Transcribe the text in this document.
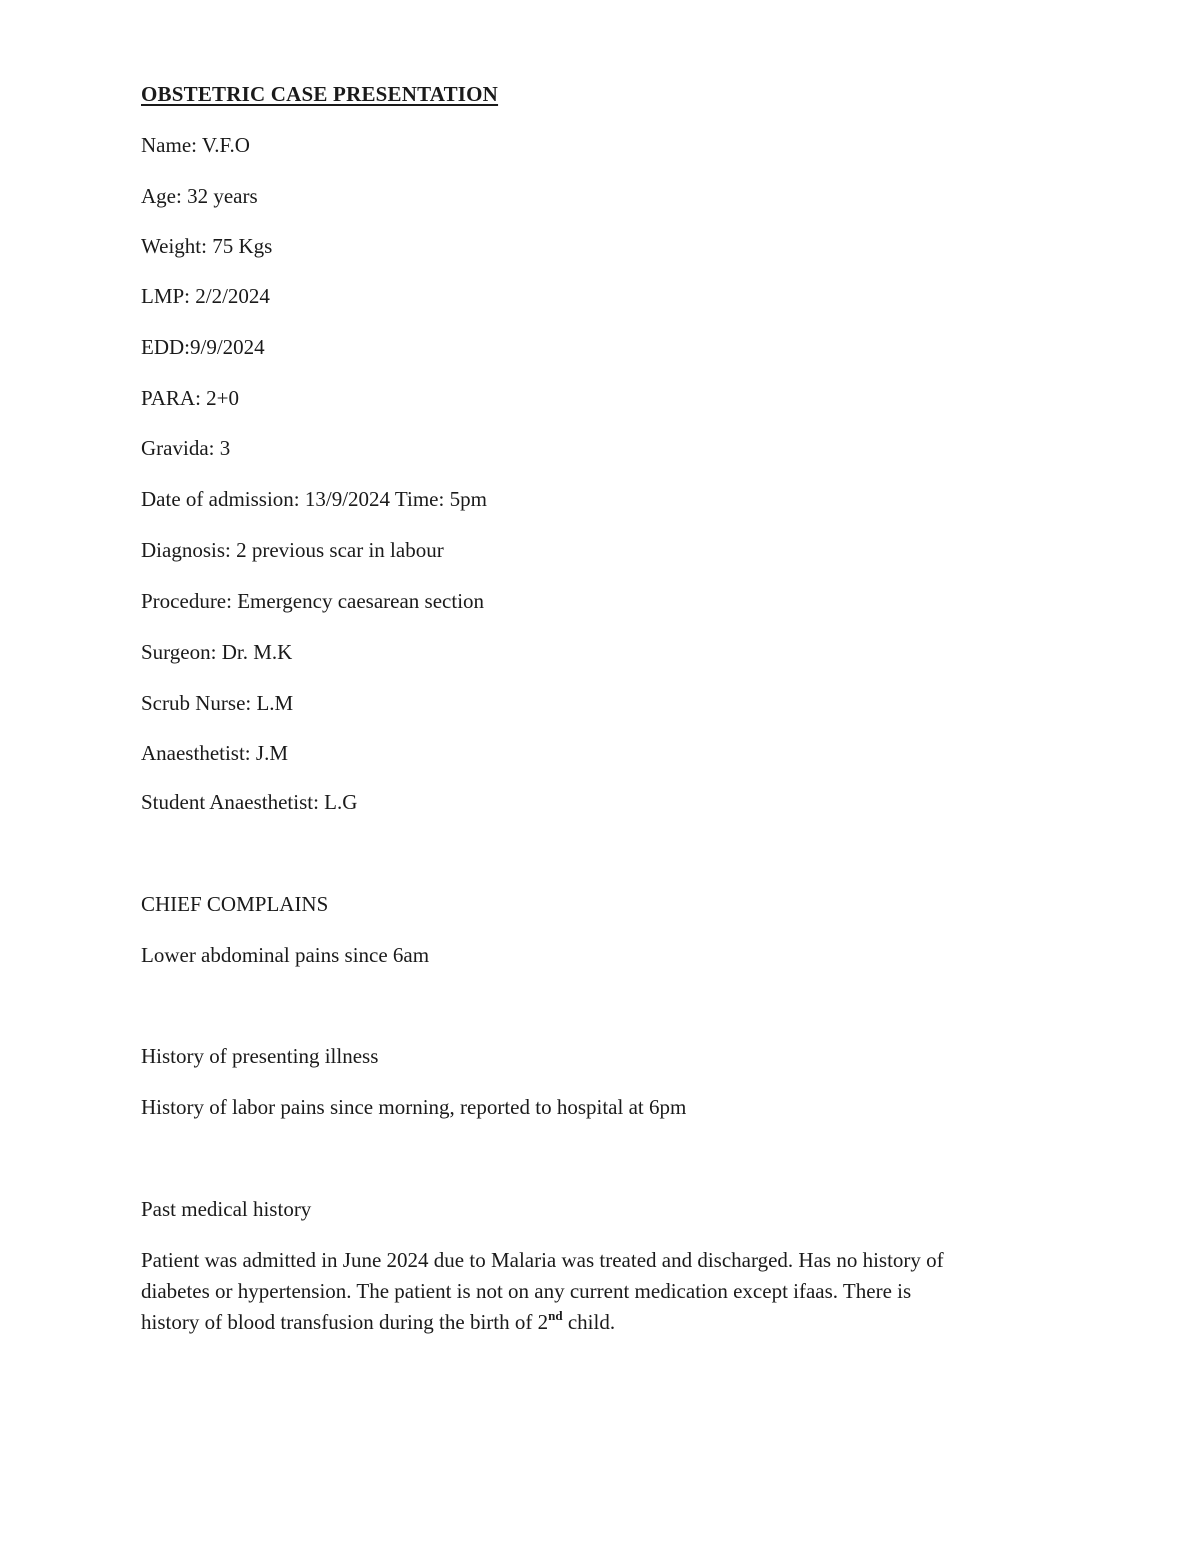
OBSTETRIC CASE PRESENTATION
Name: V.F.O
Age: 32 years
Weight: 75 Kgs
LMP: 2/2/2024
EDD:9/9/2024
PARA: 2+0
Gravida: 3
Date of admission: 13/9/2024 Time: 5pm
Diagnosis: 2 previous scar in labour
Procedure: Emergency caesarean section
Surgeon: Dr. M.K
Scrub Nurse: L.M
Anaesthetist: J.M
Student Anaesthetist: L.G
CHIEF COMPLAINS
Lower abdominal pains since 6am
History of presenting illness
History of labor pains since morning, reported to hospital at 6pm
Past medical history
Patient was admitted in June 2024 due to Malaria was treated and discharged. Has no history of
diabetes or hypertension. The patient is not on any current medication except ifaas. There is
history of blood transfusion during the birth of 2nd child.
